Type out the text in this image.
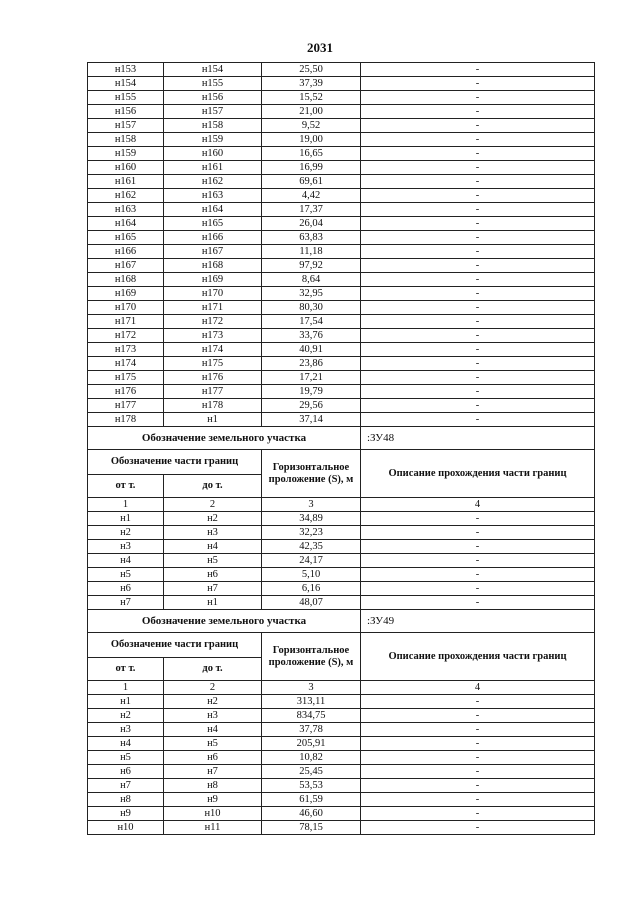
2031
н153	н154	25,50	-
н154	н155	37,39	-
н155	н156	15,52	-
н156	н157	21,00	-
н157	н158	9,52	-
н158	н159	19,00	-
н159	н160	16,65	-
н160	н161	16,99	-
н161	н162	69,61	-
н162	н163	4,42	-
н163	н164	17,37	-
н164	н165	26,04	-
н165	н166	63,83	-
н166	н167	11,18	-
н167	н168	97,92	-
н168	н169	8,64	-
н169	н170	32,95	-
н170	н171	80,30	-
н171	н172	17,54	-
н172	н173	33,76	-
н173	н174	40,91	-
н174	н175	23,86	-
н175	н176	17,21	-
н176	н177	19,79	-
н177	н178	29,56	-
н178	н1	37,14	-
Обозначение земельного участка			:ЗУ48
Обозначение части границ		Горизонтальное проложение (S), м	Описание прохождения части границ
от т.	до т.		
1	2	3	4
н1	н2	34,89	-
н2	н3	32,23	-
н3	н4	42,35	-
н4	н5	24,17	-
н5	н6	5,10	-
н6	н7	6,16	-
н7	н1	48,07	-
Обозначение земельного участка			:ЗУ49
Обозначение части границ		Горизонтальное проложение (S), м	Описание прохождения части границ
от т.	до т.		
1	2	3	4
н1	н2	313,11	-
н2	н3	834,75	-
н3	н4	37,78	-
н4	н5	205,91	-
н5	н6	10,82	-
н6	н7	25,45	-
н7	н8	53,53	-
н8	н9	61,59	-
н9	н10	46,60	-
н10	н11	78,15	-
